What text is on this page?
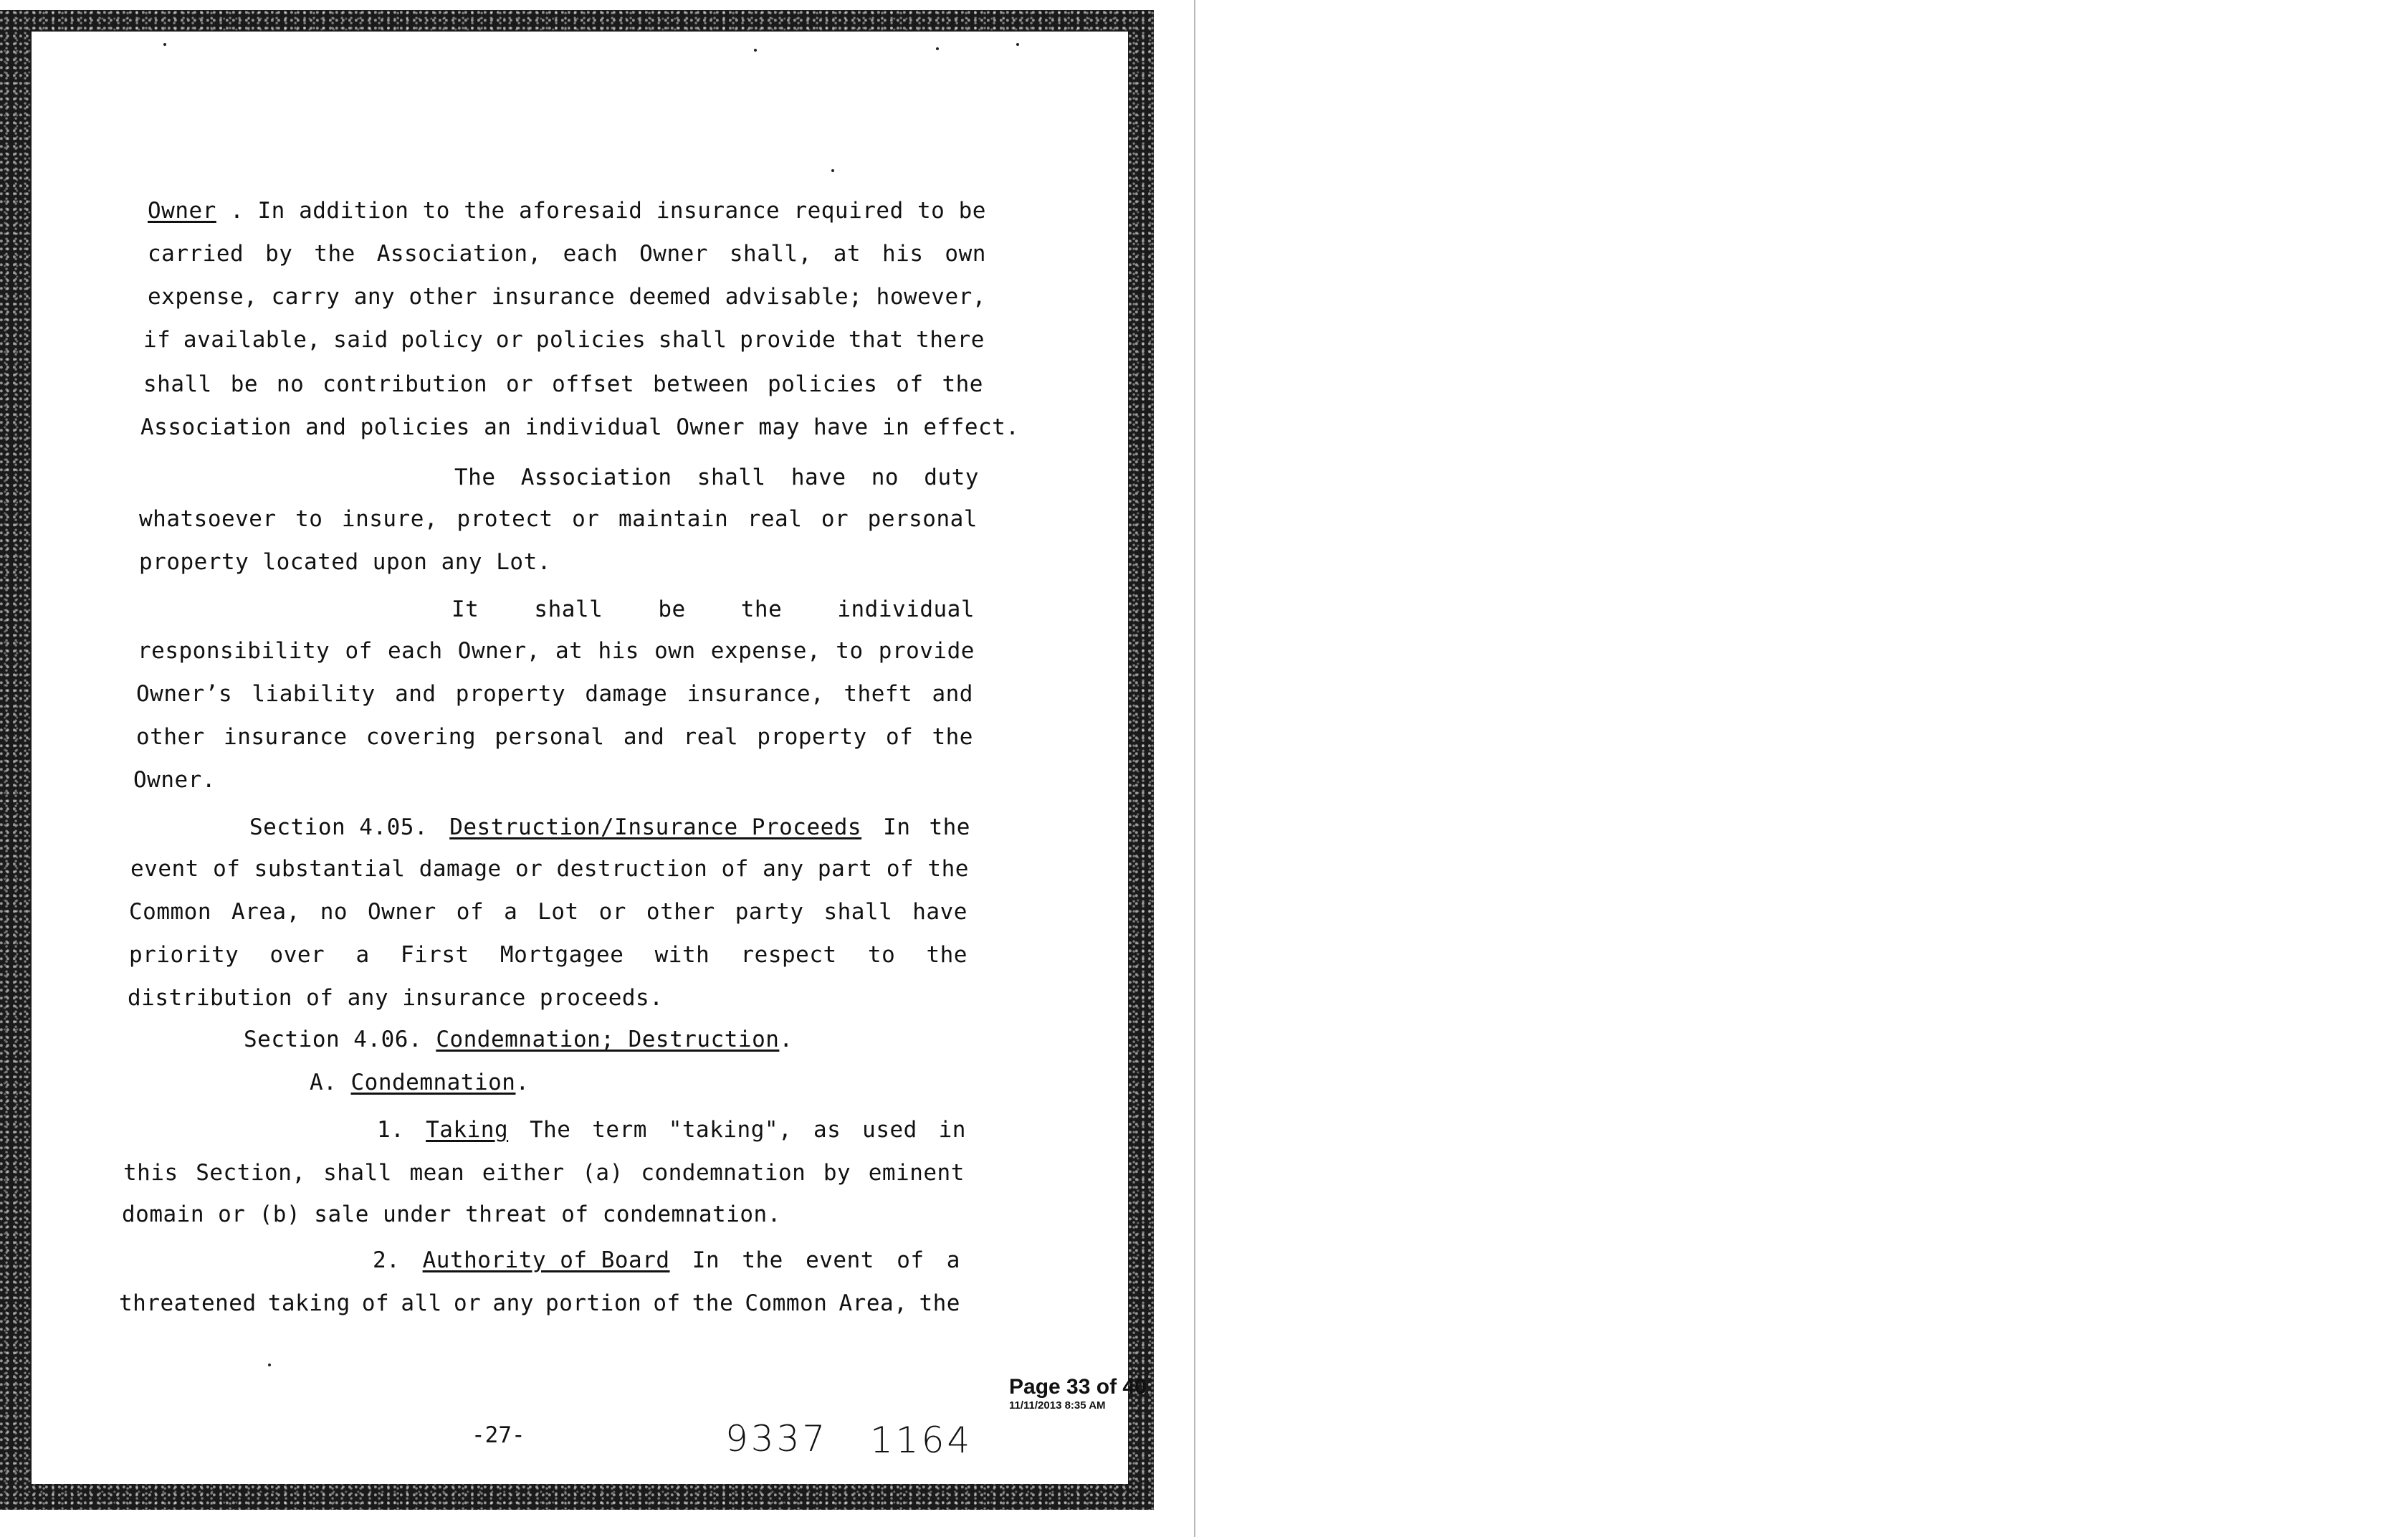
Owner . In addition to the aforesaid insurance required to be
carried by the Association, each Owner shall, at his own
expense, carry any other insurance deemed advisable; however,
if available, said policy or policies shall provide that there
shall be no contribution or offset between policies of the
Association and policies an individual Owner may have in effect.
The Association shall have no duty
whatsoever to insure, protect or maintain real or personal
property located upon any Lot.
It shall be the individual
responsibility of each Owner, at his own expense, to provide
Owner’s liability and property damage insurance, theft and
other insurance covering personal and real property of the
Owner.
Section 4.05. Destruction/Insurance Proceeds In the
event of substantial damage or destruction of any part of the
Common Area, no Owner of a Lot or other party shall have
priority over a First Mortgagee with respect to the
distribution of any insurance proceeds.
Section 4.06. Condemnation; Destruction.
A. Condemnation.
1. Taking The term "taking", as used in
this Section, shall mean either (a) condemnation by eminent
domain or (b) sale under threat of condemnation.
2. Authority of Board In the event of a
threatened taking of all or any portion of the Common Area, the
Page 33 of 40
11/11/2013 8:35 AM
-27-	9337 1164
